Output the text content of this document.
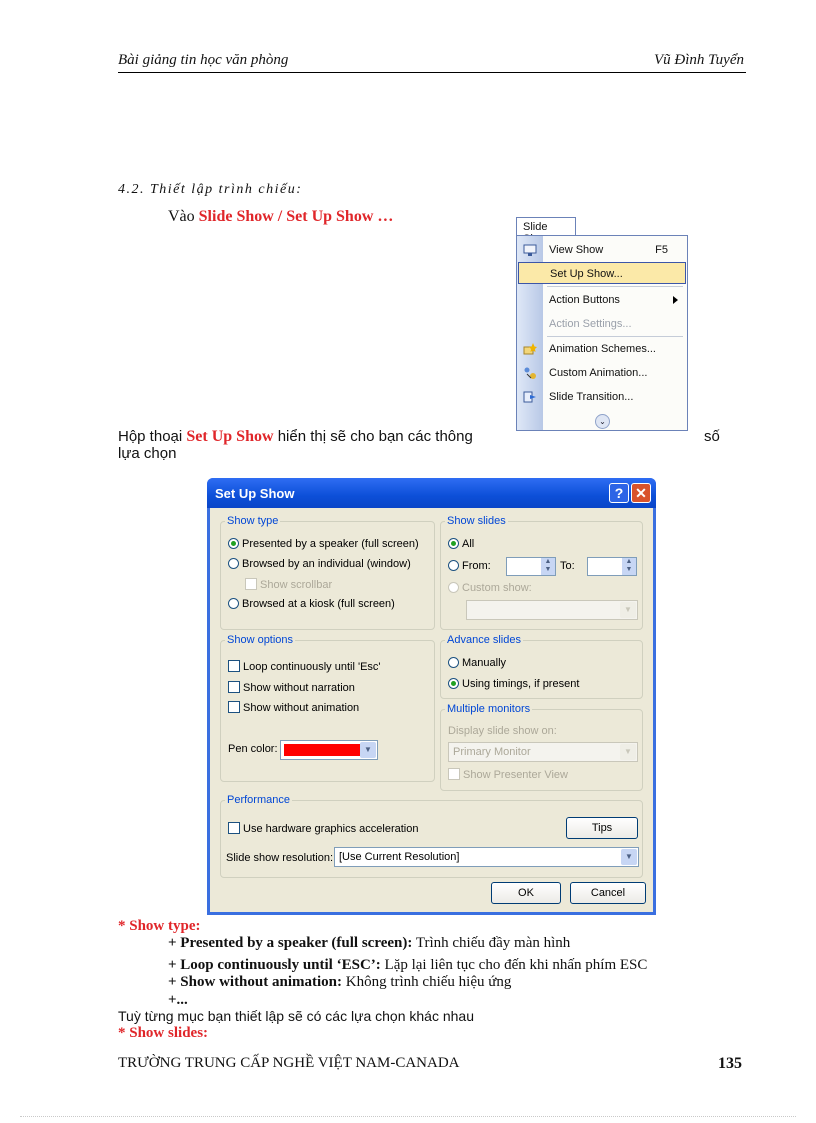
Bài giảng tin học văn phòng	Vũ Đình Tuyển
4.2. Thiết lập trình chiếu:
Vào Slide Show / Set Up Show …
Slide
View Show	F5
Set Up Show...
Action Buttons
Action Settings...
Animation Schemes...
Custom Animation...
Slide Transition...
⌄
Hộp thoại Set Up Show hiển thị sẽ cho bạn các thông	số
lựa chọn
Set Up Show	? ✕
Show type
Presented by a speaker (full screen)
Browsed by an individual (window)
Show scrollbar
Browsed at a kiosk (full screen)
Show slides
All
From:	▲
▼ To:	▲
▼
Custom show:
▼
Show options
Loop continuously until 'Esc'
Show without narration
Show without animation
Pen color:	▼
Advance slides
Manually
Using timings, if present
Multiple monitors
Display slide show on:
Primary Monitor	▼
Show Presenter View
Performance
Use hardware graphics acceleration	Tips
Slide show resolution: [Use Current Resolution]	▼
OK	Cancel
* Show type:
+ Presented by a speaker (full screen): Trình chiếu đầy màn hình
+ Loop continuously until ‘ESC’: Lặp lại liên tục cho đến khi nhấn phím ESC
+ Show without animation: Không trình chiếu hiệu ứng
+...
Tuỳ từng mục bạn thiết lập sẽ có các lựa chọn khác nhau
* Show slides:
TRƯỜNG TRUNG CẤP NGHỀ VIỆT NAM-CANADA	135
